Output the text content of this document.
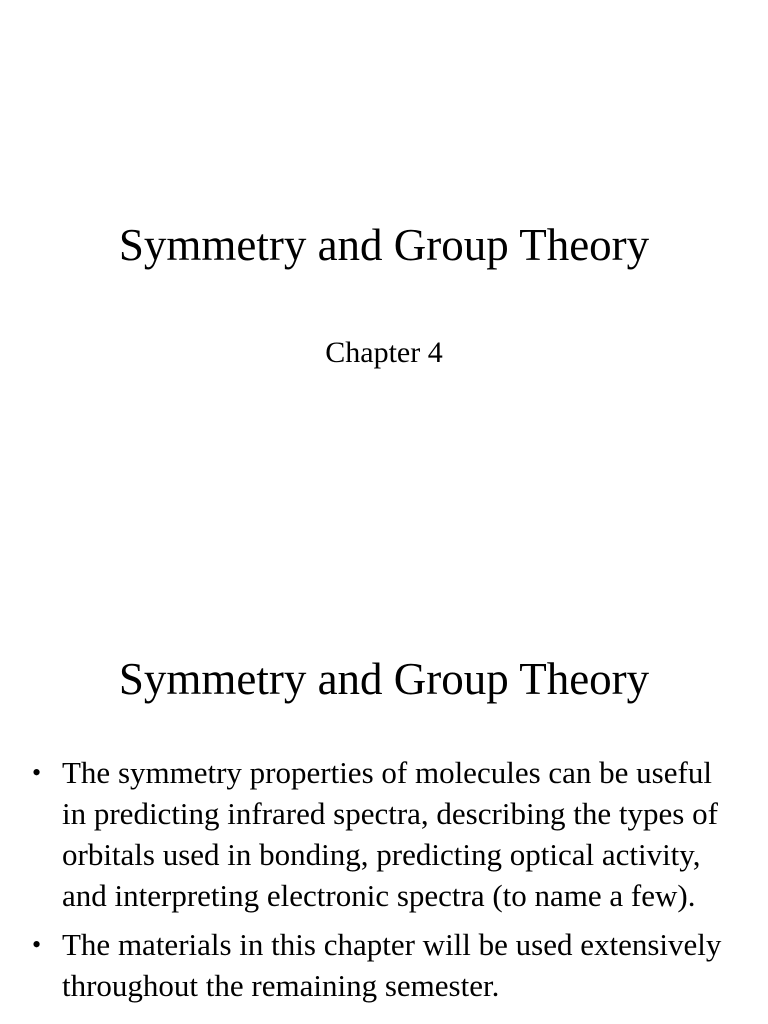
Symmetry and Group Theory
Chapter 4
Symmetry and Group Theory
• The symmetry properties of molecules can be useful in predicting infrared spectra, describing the types of orbitals used in bonding, predicting optical activity, and interpreting electronic spectra (to name a few).
• The materials in this chapter will be used extensively throughout the remaining semester.
